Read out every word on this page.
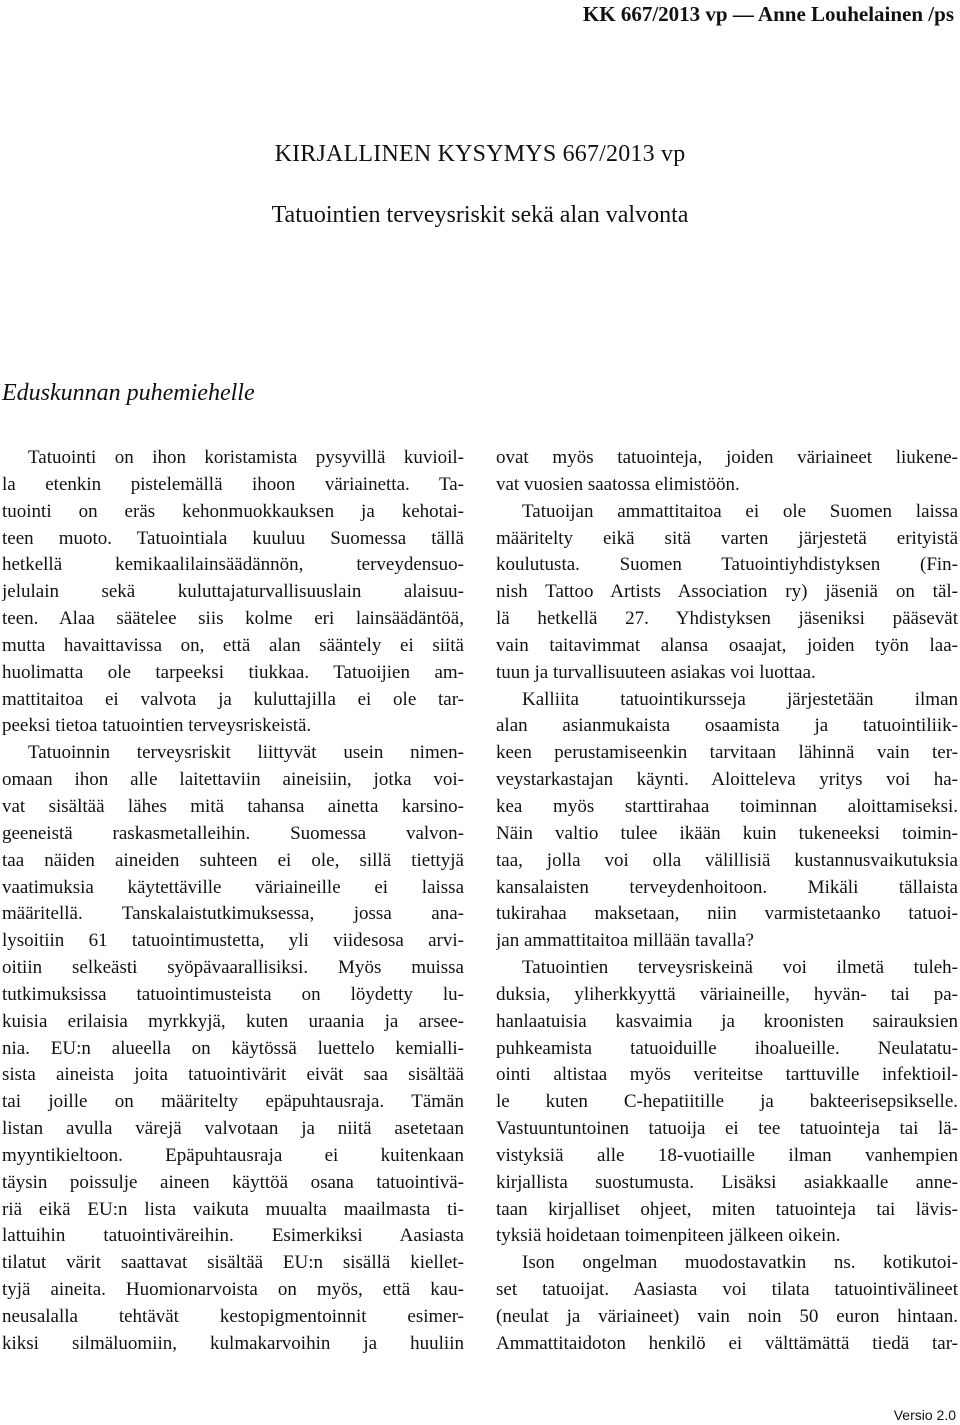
KK 667/2013 vp — Anne Louhelainen /ps
KIRJALLINEN KYSYMYS 667/2013 vp
Tatuointien terveysriskit sekä alan valvonta
Eduskunnan puhemiehelle
Tatuointi on ihon koristamista pysyvillä kuvioil-
la etenkin pistelemällä ihoon väriainetta. Ta-
tuointi on eräs kehonmuokkauksen ja kehotai-
teen muoto. Tatuointiala kuuluu Suomessa tällä
hetkellä kemikaalilainsäädännön, terveydensuo-
jelulain sekä kuluttajaturvallisuuslain alaisuu-
teen. Alaa säätelee siis kolme eri lainsäädäntöä,
mutta havaittavissa on, että alan sääntely ei siitä
huolimatta ole tarpeeksi tiukkaa. Tatuoijien am-
mattitaitoa ei valvota ja kuluttajilla ei ole tar-
peeksi tietoa tatuointien terveysriskeistä.
Tatuoinnin terveysriskit liittyvät usein nimen-
omaan ihon alle laitettaviin aineisiin, jotka voi-
vat sisältää lähes mitä tahansa ainetta karsino-
geeneistä raskasmetalleihin. Suomessa valvon-
taa näiden aineiden suhteen ei ole, sillä tiettyjä
vaatimuksia käytettäville väriaineille ei laissa
määritellä. Tanskalaistutkimuksessa, jossa ana-
lysoitiin 61 tatuointimustetta, yli viidesosa arvi-
oitiin selkeästi syöpävaarallisiksi. Myös muissa
tutkimuksissa tatuointimusteista on löydetty lu-
kuisia erilaisia myrkkyjä, kuten uraania ja arsee-
nia. EU:n alueella on käytössä luettelo kemialli-
sista aineista joita tatuointivärit eivät saa sisältää
tai joille on määritelty epäpuhtausraja. Tämän
listan avulla värejä valvotaan ja niitä asetetaan
myyntikieltoon. Epäpuhtausraja ei kuitenkaan
täysin poissulje aineen käyttöä osana tatuointivä-
riä eikä EU:n lista vaikuta muualta maailmasta ti-
lattuihin tatuointiväreihin. Esimerkiksi Aasiasta
tilatut värit saattavat sisältää EU:n sisällä kiellet-
tyjä aineita. Huomionarvoista on myös, että kau-
neusalalla tehtävät kestopigmentoinnit esimer-
kiksi silmäluomiin, kulmakarvoihin ja huuliin
ovat myös tatuointeja, joiden väriaineet liukene-
vat vuosien saatossa elimistöön.
Tatuoijan ammattitaitoa ei ole Suomen laissa
määritelty eikä sitä varten järjestetä erityistä
koulutusta. Suomen Tatuointiyhdistyksen (Fin-
nish Tattoo Artists Association ry) jäseniä on täl-
lä hetkellä 27. Yhdistyksen jäseniksi pääsevät
vain taitavimmat alansa osaajat, joiden työn laa-
tuun ja turvallisuuteen asiakas voi luottaa.
Kalliita tatuointikursseja järjestetään ilman
alan asianmukaista osaamista ja tatuointiliik-
keen perustamiseenkin tarvitaan lähinnä vain ter-
veystarkastajan käynti. Aloitteleva yritys voi ha-
kea myös starttirahaa toiminnan aloittamiseksi.
Näin valtio tulee ikään kuin tukeneeksi toimin-
taa, jolla voi olla välillisiä kustannusvaikutuksia
kansalaisten terveydenhoitoon. Mikäli tällaista
tukirahaa maksetaan, niin varmistetaanko tatuoi-
jan ammattitaitoa millään tavalla?
Tatuointien terveysriskeinä voi ilmetä tuleh-
duksia, yliherkkyyttä väriaineille, hyvän- tai pa-
hanlaatuisia kasvaimia ja kroonisten sairauksien
puhkeamista tatuoiduille ihoalueille. Neulatatu-
ointi altistaa myös veriteitse tarttuville infektioil-
le kuten C-hepatiitille ja bakteerisepsikselle.
Vastuuntuntoinen tatuoija ei tee tatuointeja tai lä-
vistyksiä alle 18-vuotiaille ilman vanhempien
kirjallista suostumusta. Lisäksi asiakkaalle anne-
taan kirjalliset ohjeet, miten tatuointeja tai lävis-
tyksiä hoidetaan toimenpiteen jälkeen oikein.
Ison ongelman muodostavatkin ns. kotikutoi-
set tatuoijat. Aasiasta voi tilata tatuointivälineet
(neulat ja väriaineet) vain noin 50 euron hintaan.
Ammattitaidoton henkilö ei välttämättä tiedä tar-
Versio 2.0
